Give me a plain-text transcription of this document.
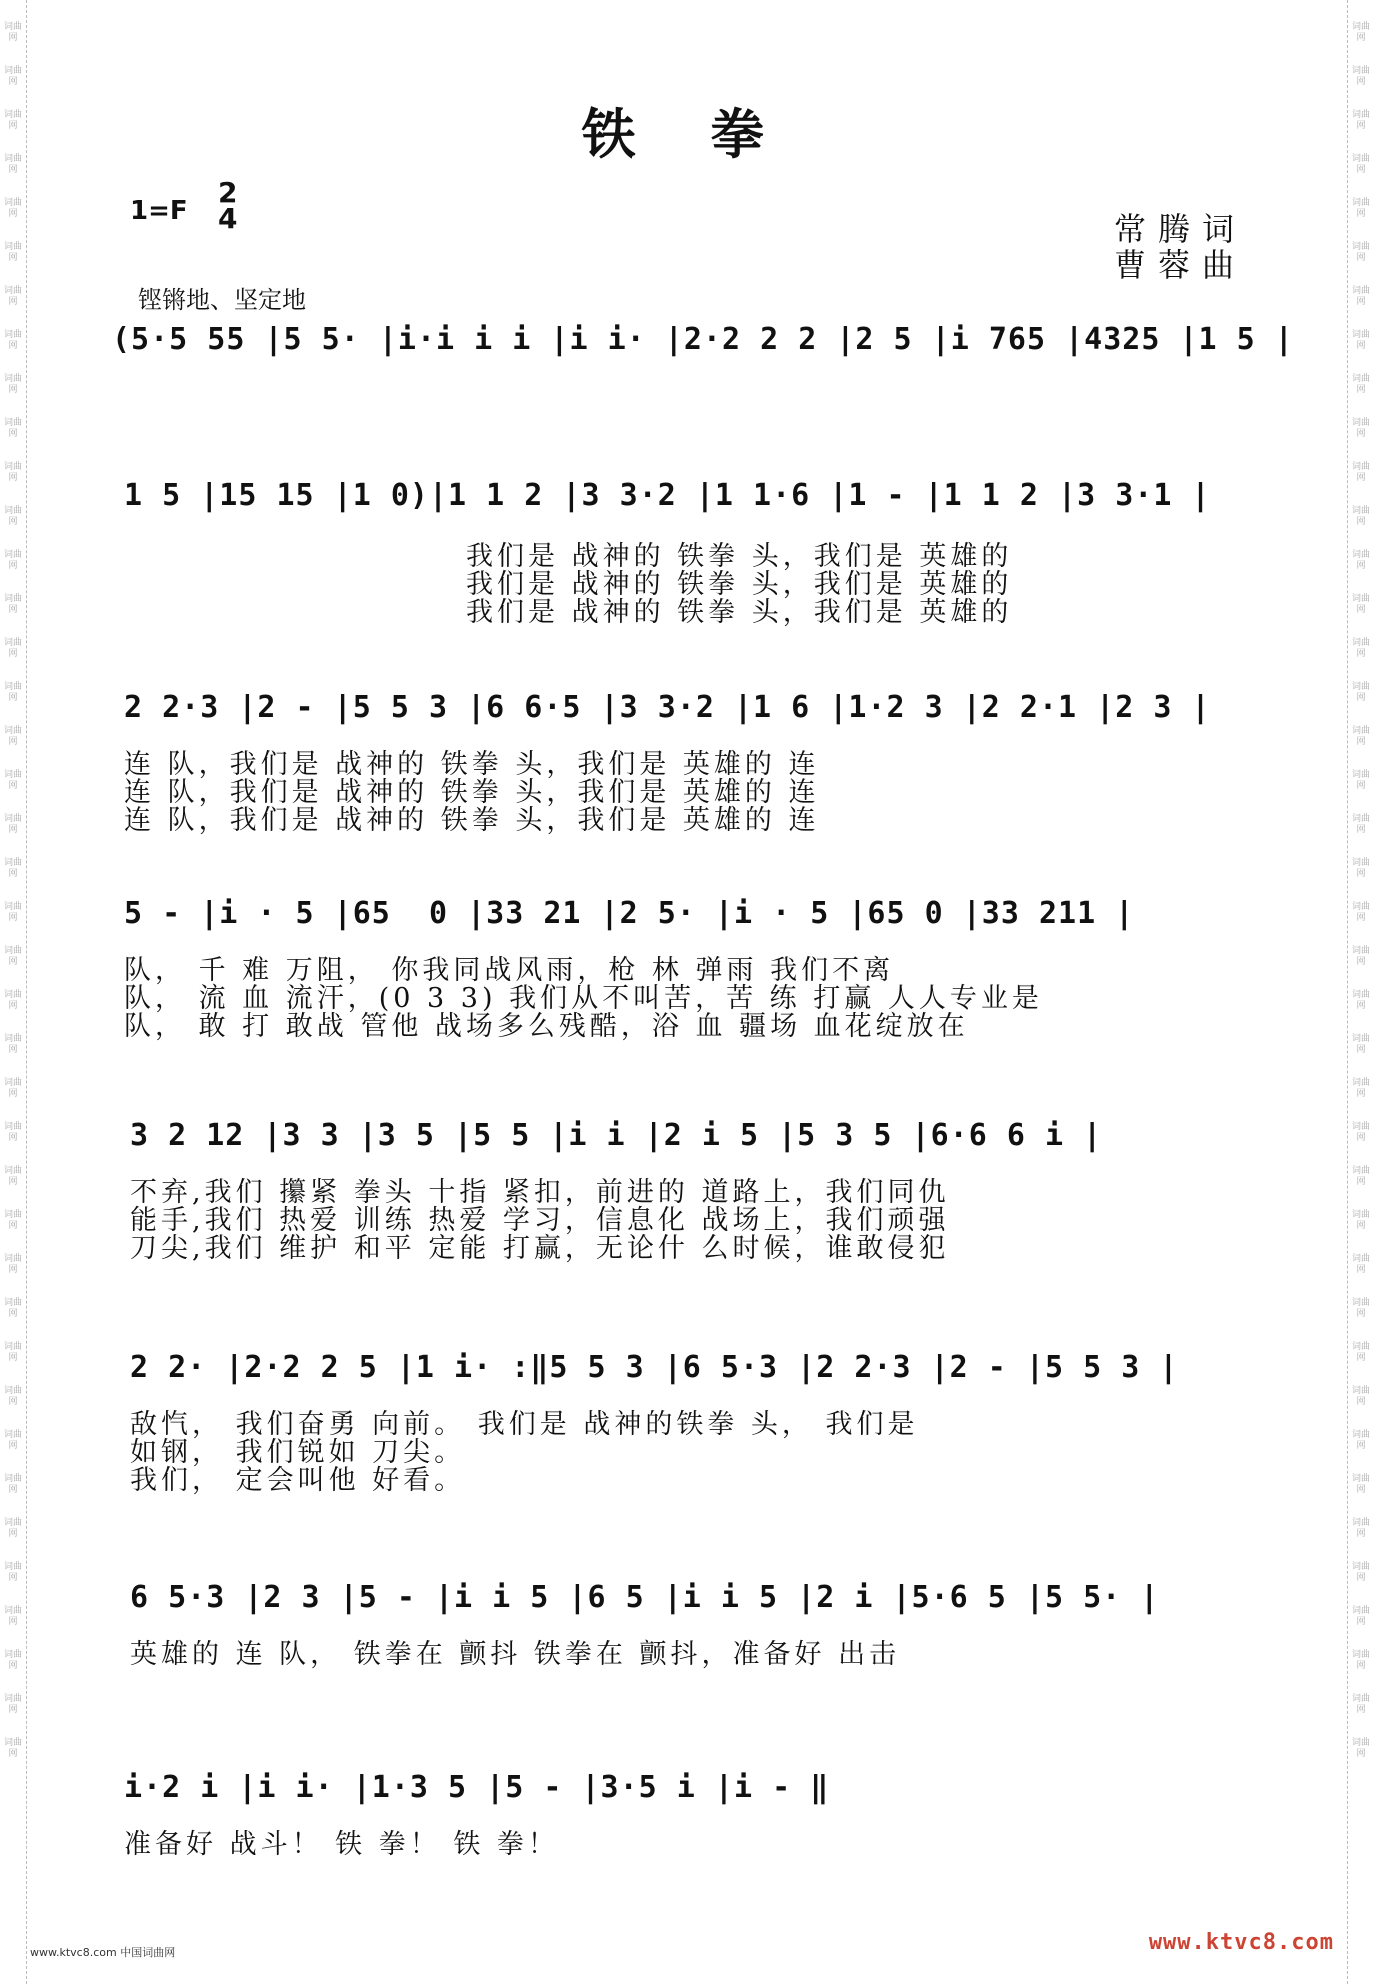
词曲网
词曲网
词曲网
词曲网
词曲网
词曲网
词曲网
词曲网
词曲网
词曲网
词曲网
词曲网
词曲网
词曲网
词曲网
词曲网
词曲网
词曲网
词曲网
词曲网
词曲网
词曲网
词曲网
词曲网
词曲网
词曲网
词曲网
词曲网
词曲网
词曲网
词曲网
词曲网
词曲网
词曲网
词曲网
词曲网
词曲网
词曲网
词曲网
词曲网
词曲网
词曲网
词曲网
词曲网
词曲网
词曲网
词曲网
词曲网
词曲网
词曲网
词曲网
词曲网
词曲网
词曲网
词曲网
词曲网
词曲网
词曲网
词曲网
词曲网
词曲网
词曲网
词曲网
词曲网
词曲网
词曲网
词曲网
词曲网
词曲网
词曲网
词曲网
词曲网
词曲网
词曲网
词曲网
词曲网
词曲网
词曲网
词曲网
词曲网
铁 拳
1=F
2
4	常腾词
曹蓉曲
铿锵地、坚定地
(5·5 55 |5 5· |i·i i i |i i· |2·2 2 2 |2 5 |i 765 |4325 |1 5 |
1 5 |15 15 |1 0)|1 1 2 |3 3·2 |1 1·6 |1 - |1 1 2 |3 3·1 |
我们是 战神的 铁拳 头，我们是 英雄的
我们是 战神的 铁拳 头，我们是 英雄的
我们是 战神的 铁拳 头，我们是 英雄的
2 2·3 |2 - |5 5 3 |6 6·5 |3 3·2 |1 6 |1·2 3 |2 2·1 |2 3 |
连 队，我们是 战神的 铁拳 头，我们是 英雄的 连
连 队，我们是 战神的 铁拳 头，我们是 英雄的 连
连 队，我们是 战神的 铁拳 头，我们是 英雄的 连
5 - |i · 5 |65  0 |33 21 |2 5· |i · 5 |65 0 |33 211 |
队， 千 难 万阻， 你我同战风雨，枪 林 弹雨 我们不离
队， 流 血 流汗，(0 3 3) 我们从不叫苦，苦 练 打赢 人人专业是
队， 敢 打 敢战 管他 战场多么残酷，浴 血 疆场 血花绽放在
3 2 12 |3 3 |3 5 |5 5 |i i |2 i 5 |5 3 5 |6·6 6 i |
不弃,我们 攥紧 拳头 十指 紧扣，前进的 道路上，我们同仇
能手,我们 热爱 训练 热爱 学习，信息化 战场上，我们顽强
刀尖,我们 维护 和平 定能 打赢，无论什 么时候，谁敢侵犯
2 2· |2·2 2 5 |1 i· :‖5 5 3 |6 5·3 |2 2·3 |2 - |5 5 3 |
敌忾， 我们奋勇 向前。 我们是 战神的铁拳 头， 我们是
如钢， 我们锐如 刀尖。
我们， 定会叫他 好看。
6 5·3 |2 3 |5 - |i i 5 |6 5 |i i 5 |2 i |5·6 5 |5 5· |
英雄的 连 队， 铁拳在 颤抖 铁拳在 颤抖，准备好 出击
i·2 i |i i· |1·3 5 |5 - |3·5 i |i - ‖
准备好 战斗！ 铁 拳！ 铁 拳！
www.ktvc8.com 中国词曲网	www.ktvc8.com
